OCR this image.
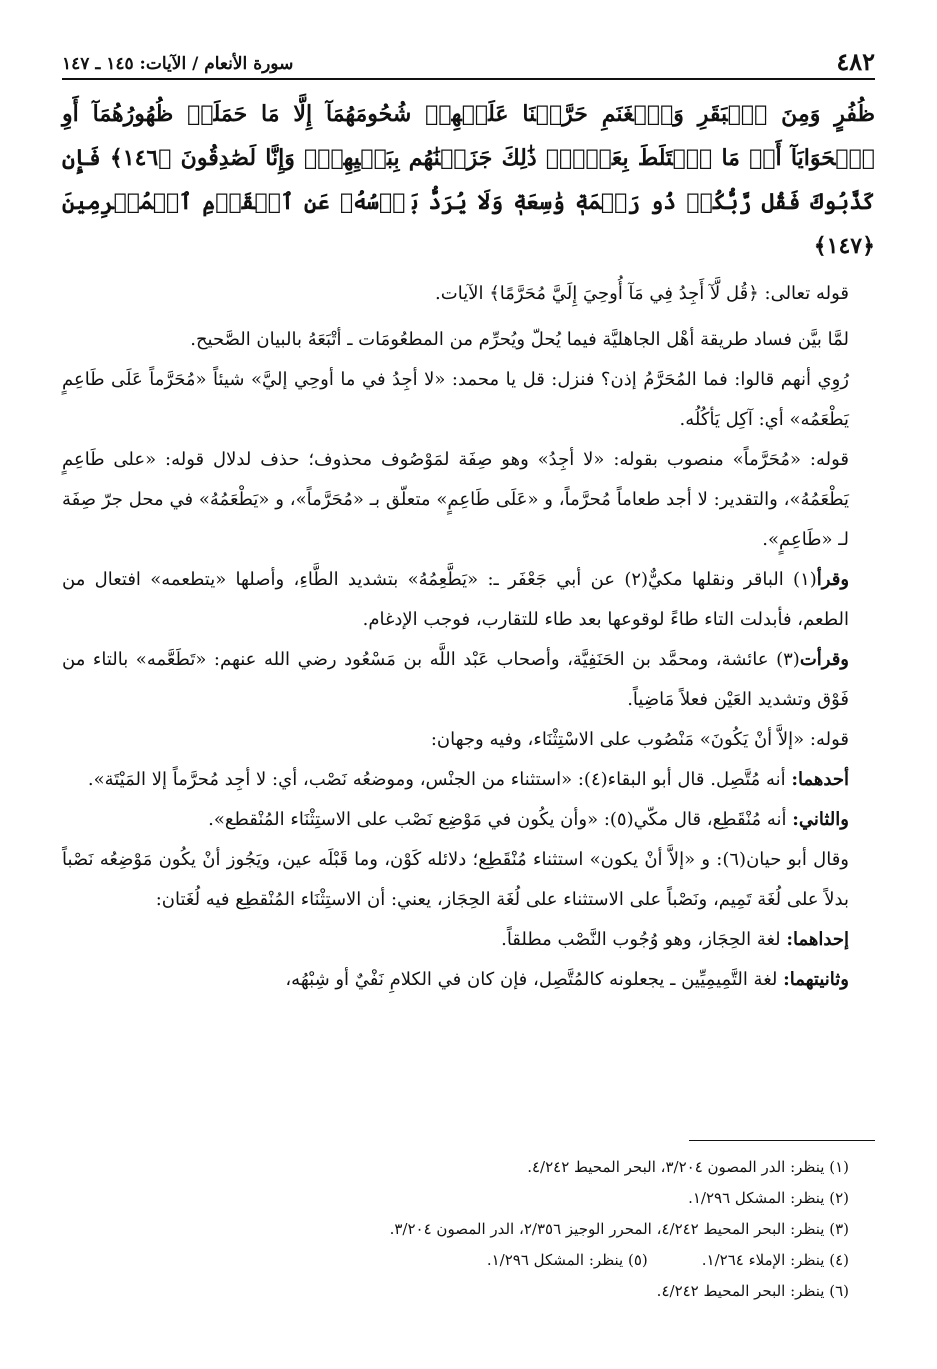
٤٨٢
سورة الأنعام / الآيات: ١٤٥ ـ ١٤٧

ظُفُرٍ وَمِنَ ٱلۡبَقَرِ وَٱلۡغَنَمِ حَرَّمۡنَا عَلَيۡهِمۡ شُحُومَهُمَآ إِلَّا مَا حَمَلَتۡ ظُهُورُهُمَآ أَوِ ٱلۡحَوَايَآ أَوۡ مَا ٱخۡتَلَطَ بِعَظۡمٖۚ ذَٰلِكَ جَزَيۡنَٰهُم بِبَغۡيِهِمۡۖ وَإِنَّا لَصَٰدِقُونَ ﴿١٤٦﴾ فَإِن كَذَّبُوكَ فَقُل رَّبُّكُمۡ ذُو رَحۡمَةٖ وَٰسِعَةٖ وَلَا يُرَدُّ بَأۡسُهُۥ عَنِ ٱلۡقَوۡمِ ٱلۡمُجۡرِمِينَ ﴿١٤٧﴾

قوله تعالى: ﴿قُل لَّآ أَجِدُ فِي مَآ أُوحِيَ إِلَيَّ مُحَرَّمًا﴾ الآيات.

لمَّا بيَّن فساد طريقة أهْل الجاهليَّة فيما يُحلّ ويُحرِّم من المطعُومَات ـ أتْبَعَهُ بالبيان الصَّحيح.

رُوِي أنهم قالوا: فما المُحَرَّمُ إذن؟ فنزل: قل يا محمد: «لا أجِدُ في ما أوحِي إليَّ» شيئاً «مُحَرَّماً عَلَى طَاعِمٍ يَطْعَمُه» أي: آكِل يَأكُلُه.

قوله: «مُحَرَّماً» منصوب بقوله: «لا أجِدُ» وهو صِفَة لمَوْصُوف محذوف؛ حذف لدلال قوله: «على طَاعِمٍ يَطْعَمُهُ»، والتقدير: لا أجد طعاماً مُحرَّماً، و «عَلَى طَاعِمٍ» متعلّق بـ «مُحَرَّماً»، و «يَطْعَمُهُ» في محل جرّ صِفَة لـ «طَاعِمٍ».

وقرأ(١) الباقر ونقلها مكيٌّ(٢) عن أبي جَعْفَر ـ: «يَطَّعِمُهُ» بتشديد الطَّاءِ، وأصلها «يتطعمه» افتعال من الطعم، فأبدلت التاء طاءً لوقوعها بعد طاء للتقارب، فوجب الإدغام.

وقرأت(٣) عائشة، ومحمَّد بن الحَنَفِيَّة، وأصحاب عَبْد اللَّه بن مَسْعُود رضي الله عنهم: «تَطَعَّمه» بالتاء من فَوْق وتشديد العَيْن فعلاً مَاضِياً.

قوله: «إلاَّ أنْ يَكُونَ» مَنْصُوب على الاسْتِثْنَاء، وفيه وجهان:

أحدهما: أنه مُتَّصِل. قال أبو البقاء(٤): «استثناء من الجنْس، وموضعُه نَصْب، أي: لا أجِد مُحرَّماً إلا المَيْتَة».

والثاني: أنه مُنْقَطِع، قال مكّي(٥): «وأن يكُون في مَوْضِع نَصْب على الاستِثْنَاء المُنْقطع».

وقال أبو حيان(٦): و «إلاَّ أنْ يكون» استثناء مُنْقَطِع؛ دلائله كَوْن، وما قَبْلَه عين، ويَجُوز أنْ يكُون مَوْضِعُه نَصْباً بدلاً على لُغَة تَمِيم، ونَصْباً على الاستثناء على لُغَة الحِجَاز، يعني: أن الاستِثْنَاء المُنْقطِع فيه لُغَتان:

إحداهما: لغة الحِجَاز، وهو وُجُوب النَّصْب مطلقاً.

وثانيتهما: لغة التَّمِيمِيِّين ـ يجعلونه كالمُتَّصِل، فإن كان في الكلامِ نَفْيٌ أو شِبْهُه،

(١) ينظر: الدر المصون ٣/٢٠٤، البحر المحيط ٤/٢٤٢.

(٢) ينظر: المشكل ١/٢٩٦.

(٣) ينظر: البحر المحيط ٤/٢٤٢، المحرر الوجيز ٢/٣٥٦، الدر المصون ٣/٢٠٤.

(٤) ينظر: الإملاء ١/٢٦٤.
(٥) ينظر: المشكل ١/٢٩٦.

(٦) ينظر: البحر المحيط ٤/٢٤٢.
